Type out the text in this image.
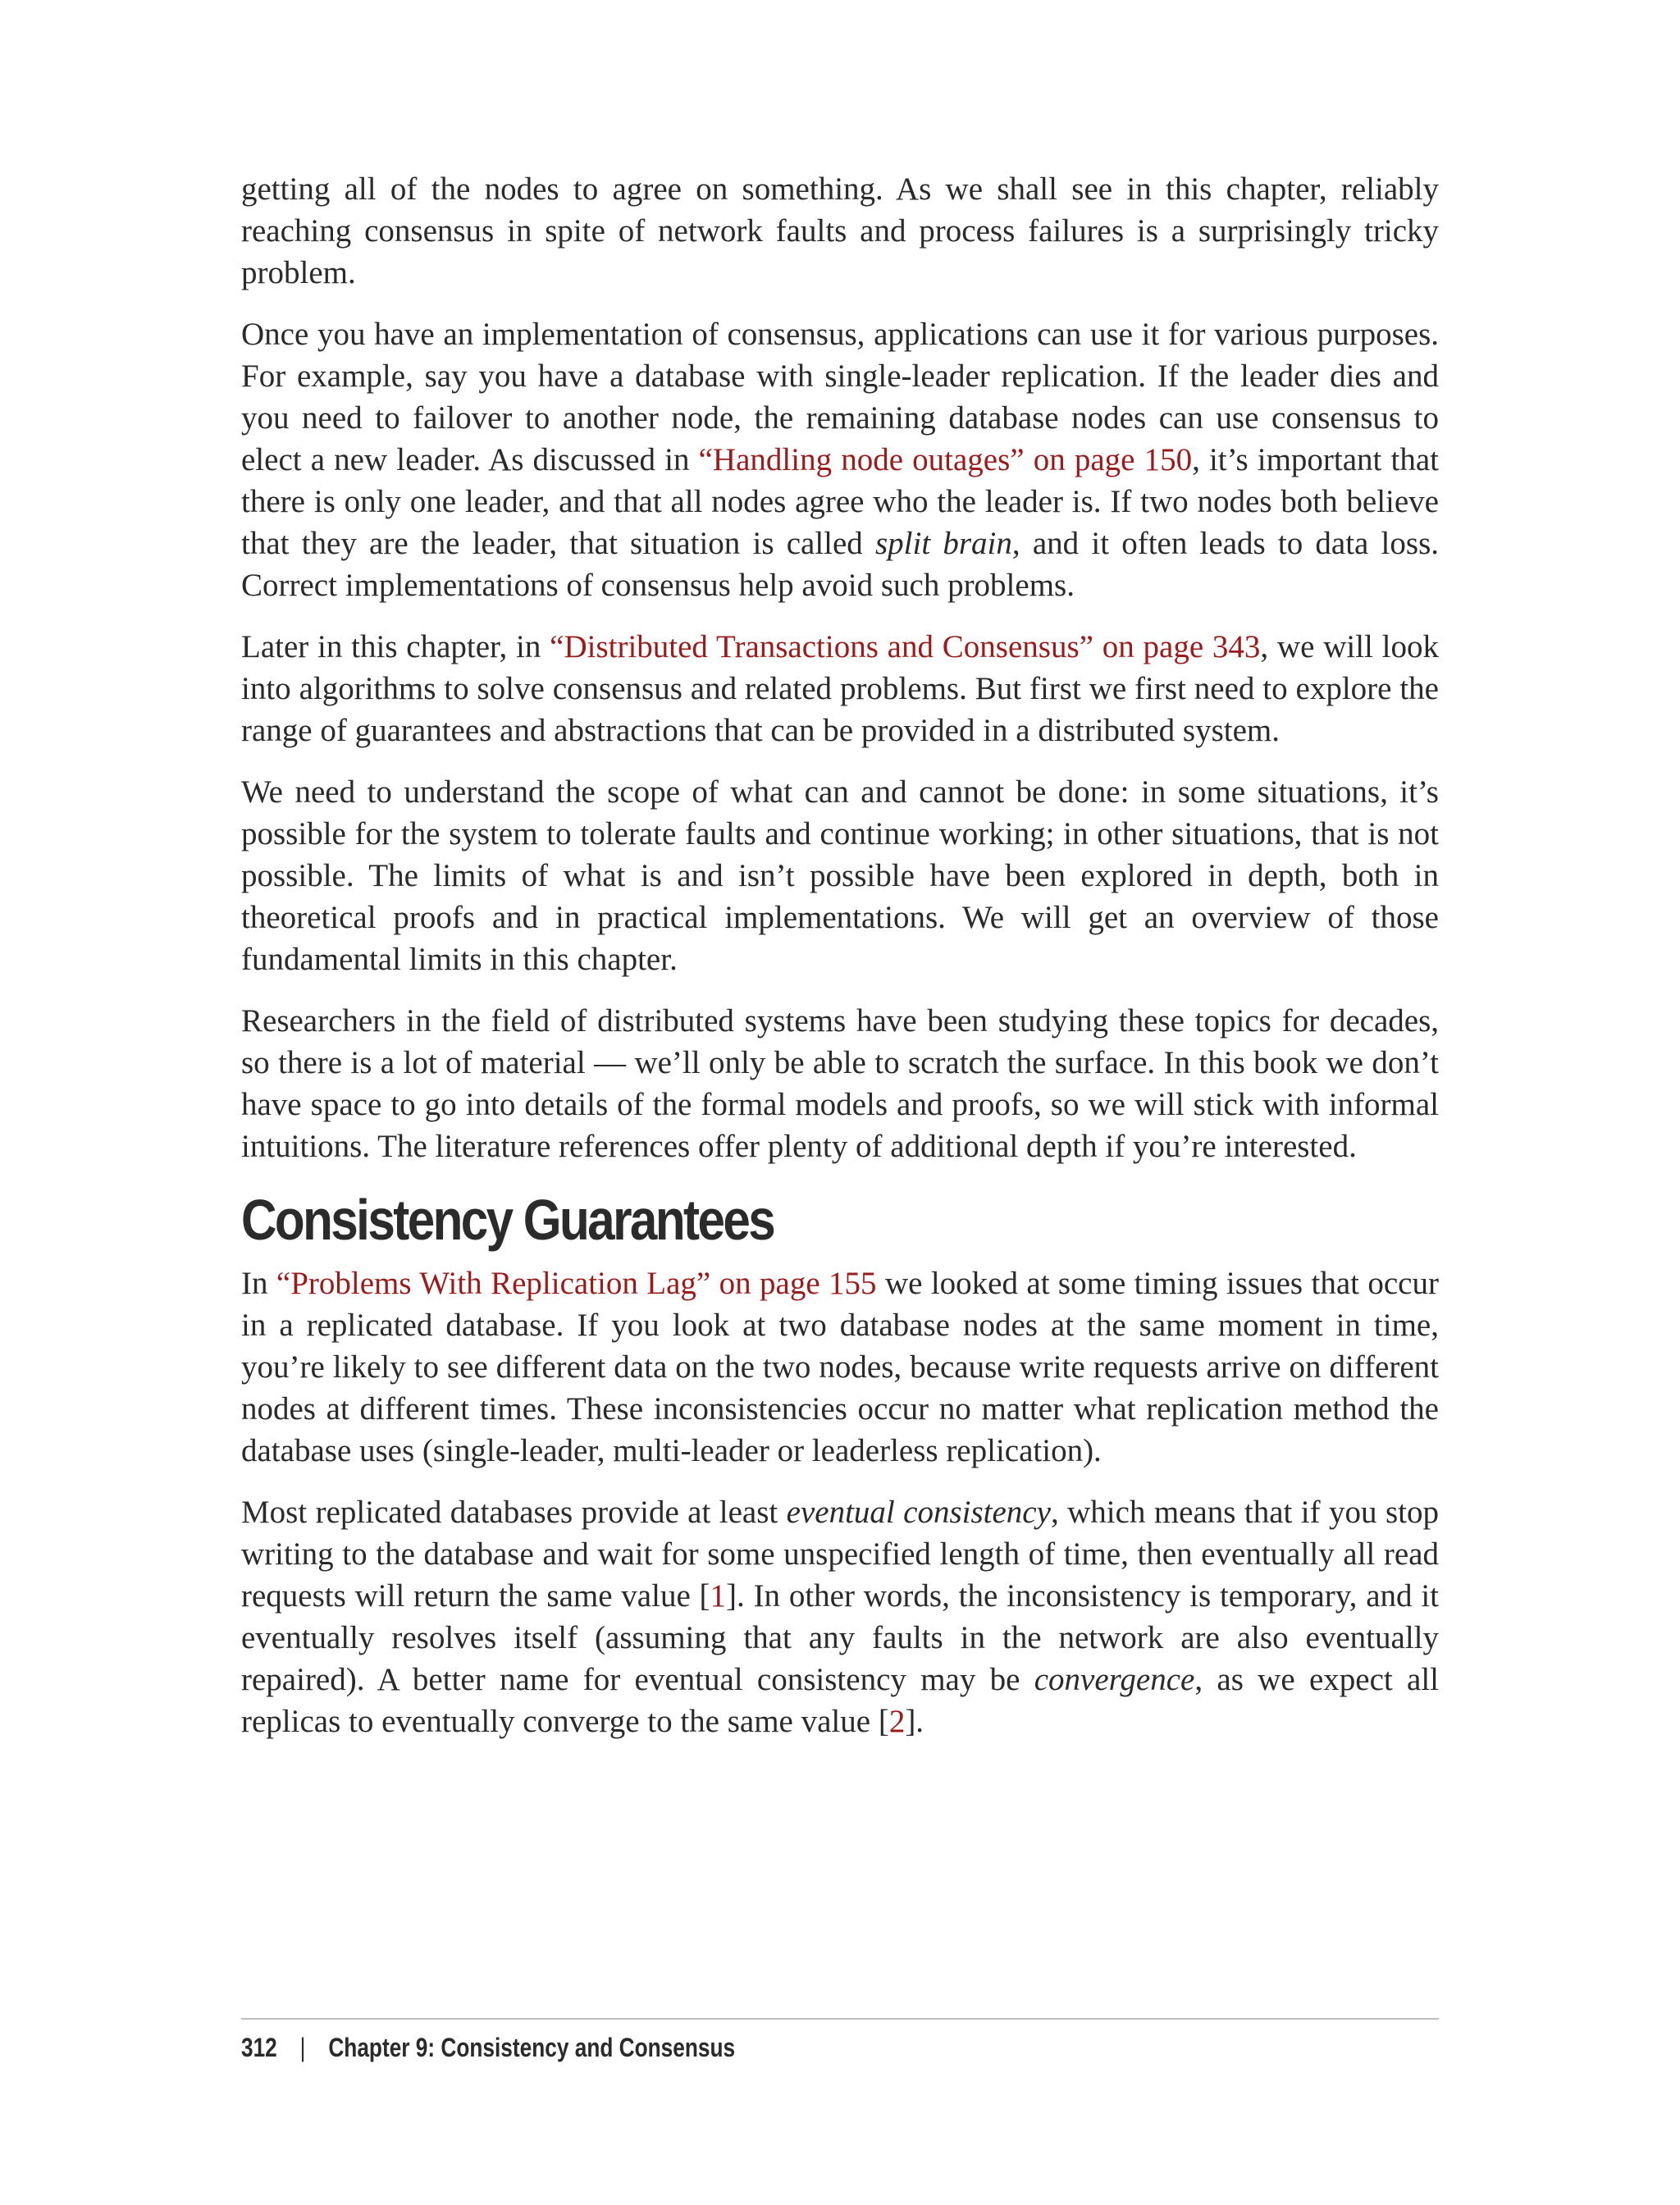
getting all of the nodes to agree on something. As we shall see in this chapter, reliably reaching consensus in spite of network faults and process failures is a surprisingly tricky problem.

Once you have an implementation of consensus, applications can use it for various purposes. For example, say you have a database with single-leader replication. If the leader dies and you need to failover to another node, the remaining database nodes can use consensus to elect a new leader. As discussed in “Handling node outages” on page 150, it’s important that there is only one leader, and that all nodes agree who the leader is. If two nodes both believe that they are the leader, that situation is called split brain, and it often leads to data loss. Correct implementations of consensus help avoid such problems.

Later in this chapter, in “Distributed Transactions and Consensus” on page 343, we will look into algorithms to solve consensus and related problems. But first we first need to explore the range of guarantees and abstractions that can be provided in a distributed system.

We need to understand the scope of what can and cannot be done: in some situations, it’s possible for the system to tolerate faults and continue working; in other situations, that is not possible. The limits of what is and isn’t possible have been explored in depth, both in theoretical proofs and in practical implementations. We will get an overview of those fundamental limits in this chapter.

Researchers in the field of distributed systems have been studying these topics for decades, so there is a lot of material — we’ll only be able to scratch the surface. In this book we don’t have space to go into details of the formal models and proofs, so we will stick with informal intuitions. The literature references offer plenty of additional depth if you’re interested.

Consistency Guarantees

In “Problems With Replication Lag” on page 155 we looked at some timing issues that occur in a replicated database. If you look at two database nodes at the same moment in time, you’re likely to see different data on the two nodes, because write requests arrive on different nodes at different times. These inconsistencies occur no matter what replication method the database uses (single-leader, multi-leader or leaderless replication).

Most replicated databases provide at least eventual consistency, which means that if you stop writing to the database and wait for some unspecified length of time, then eventually all read requests will return the same value [1]. In other words, the inconsistency is temporary, and it eventually resolves itself (assuming that any faults in the network are also eventually repaired). A better name for eventual consistency may be convergence, as we expect all replicas to eventually converge to the same value [2].

312 | Chapter 9: Consistency and Consensus
